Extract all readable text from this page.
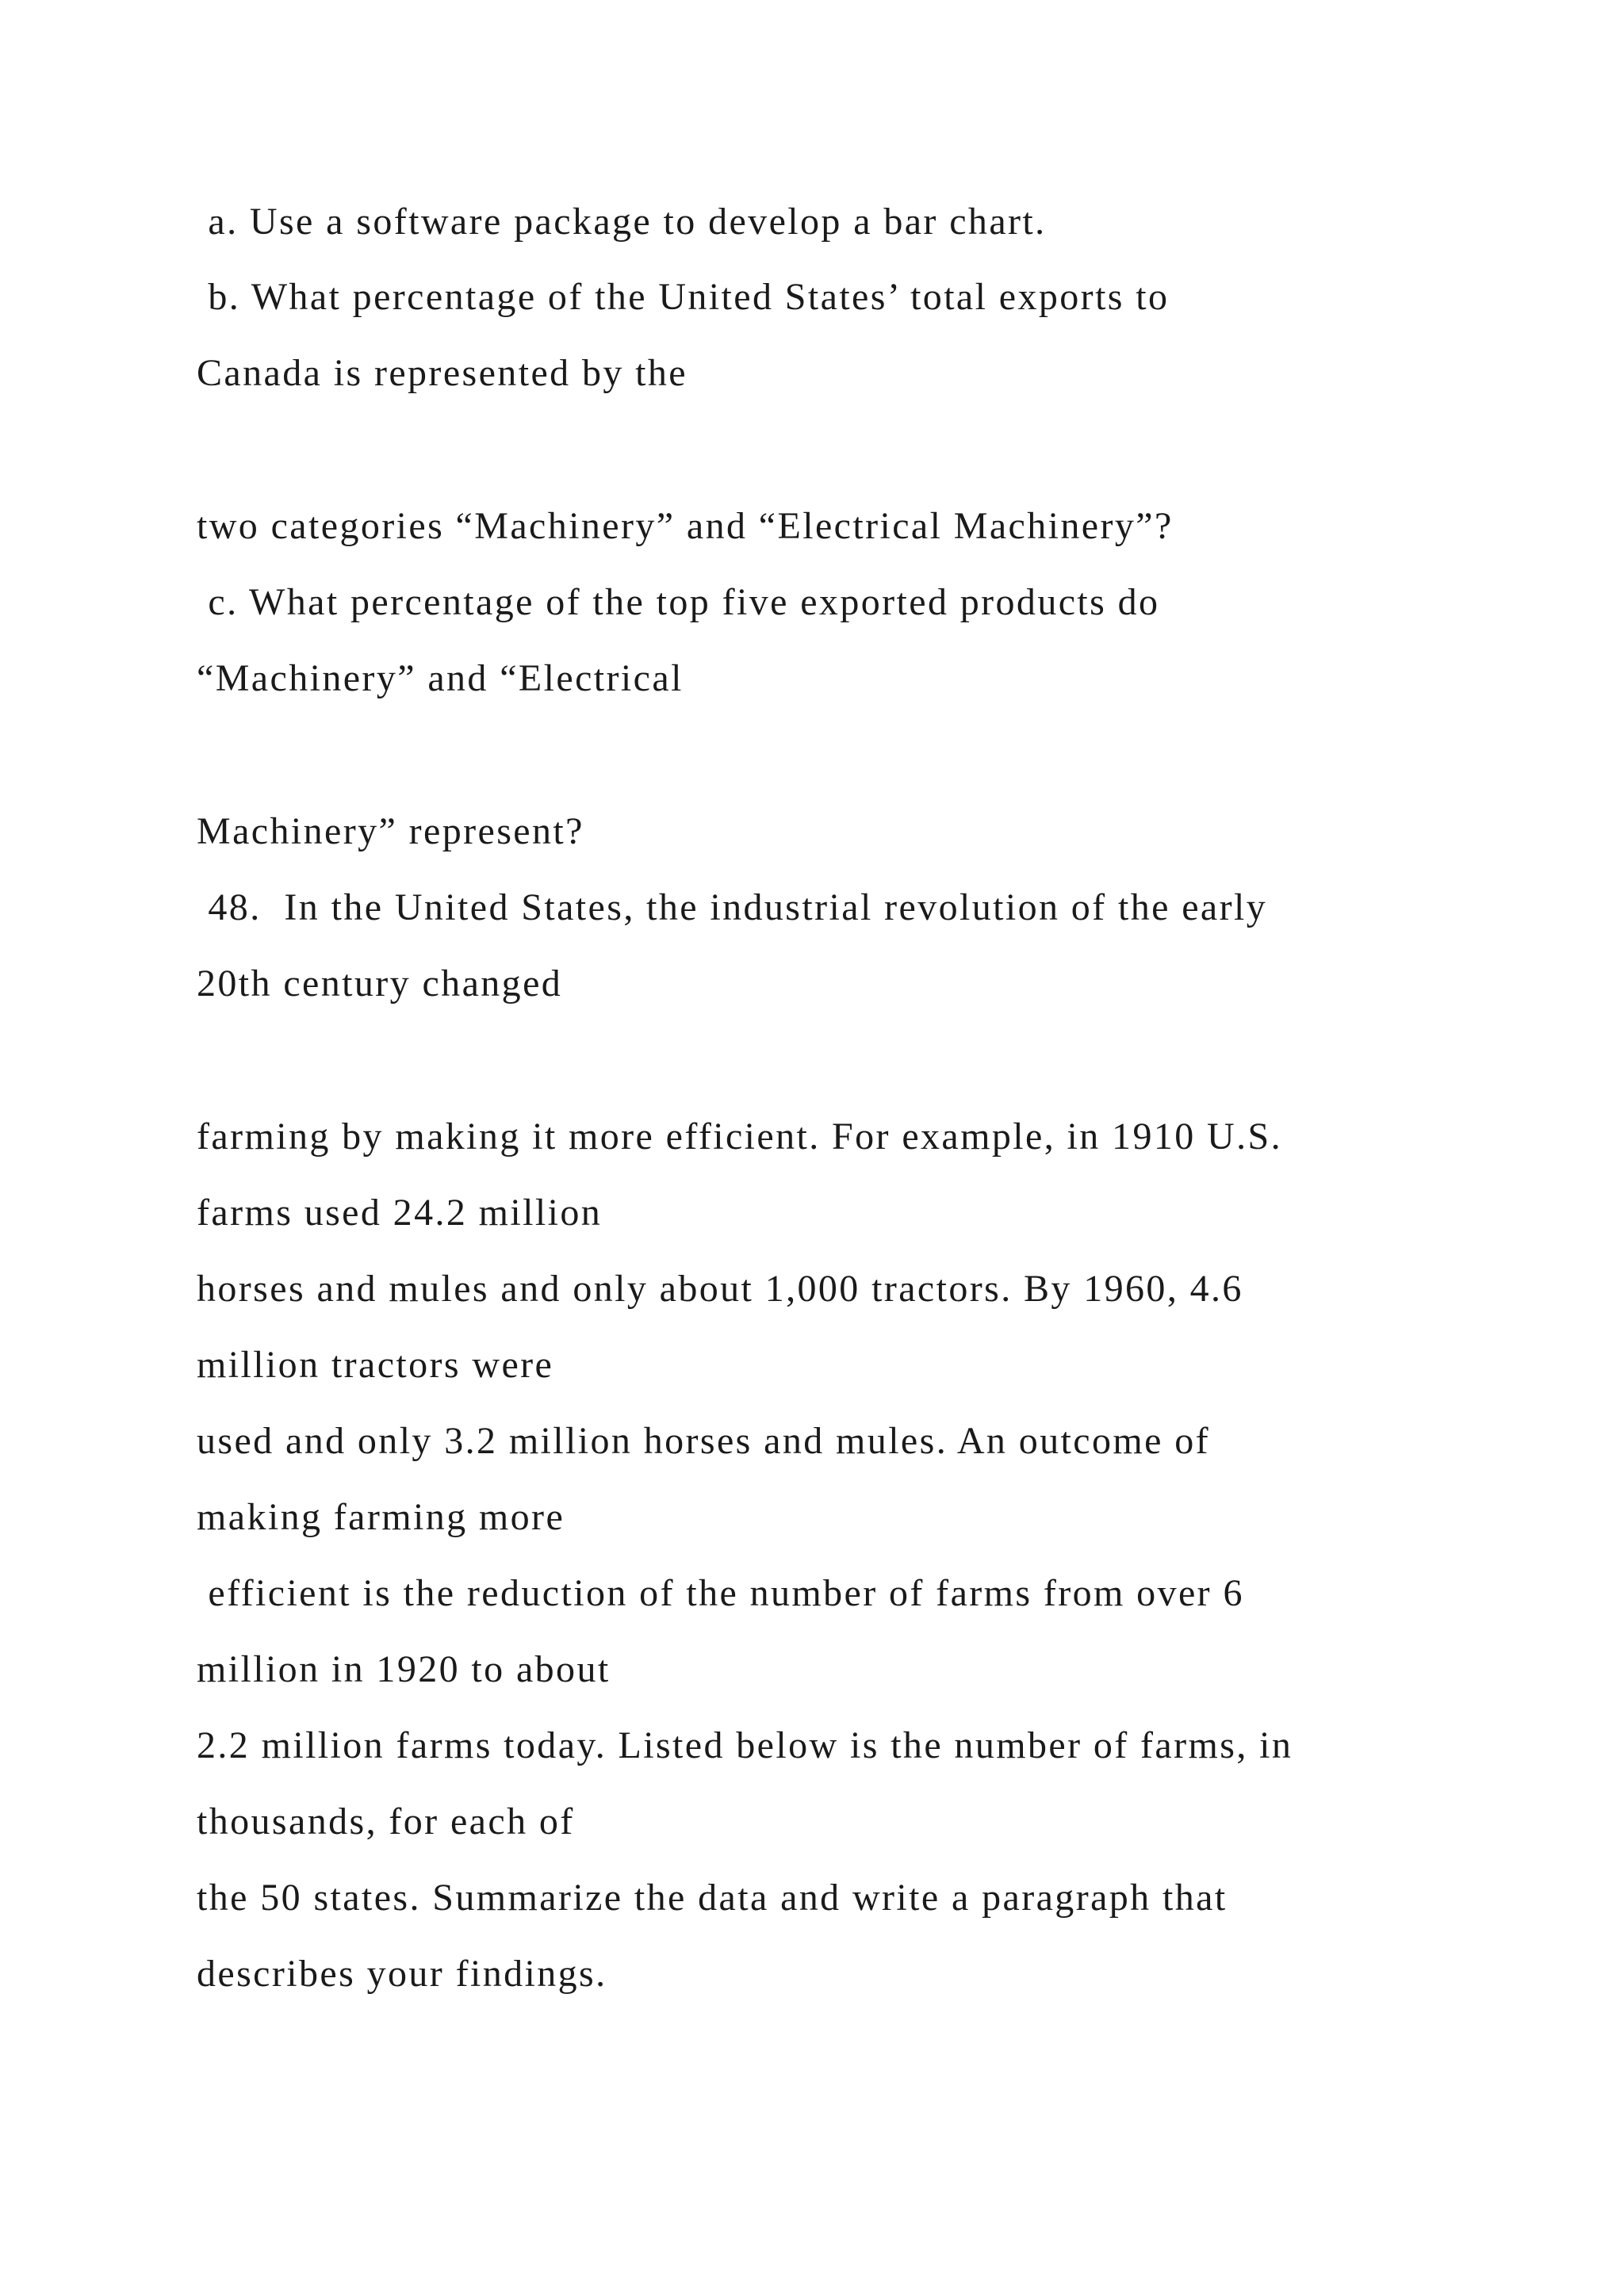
a. Use a software package to develop a bar chart.

b. What percentage of the United States’ total exports to

Canada is represented by the

two categories “Machinery” and “Electrical Machinery”?

c. What percentage of the top five exported products do

“Machinery” and “Electrical

Machinery” represent?

48.  In the United States, the industrial revolution of the early

20th century changed

farming by making it more efficient. For example, in 1910 U.S.

farms used 24.2 million

horses and mules and only about 1,000 tractors. By 1960, 4.6

million tractors were

used and only 3.2 million horses and mules. An outcome of

making farming more

efficient is the reduction of the number of farms from over 6

million in 1920 to about

2.2 million farms today. Listed below is the number of farms, in

thousands, for each of

the 50 states. Summarize the data and write a paragraph that

describes your findings.
